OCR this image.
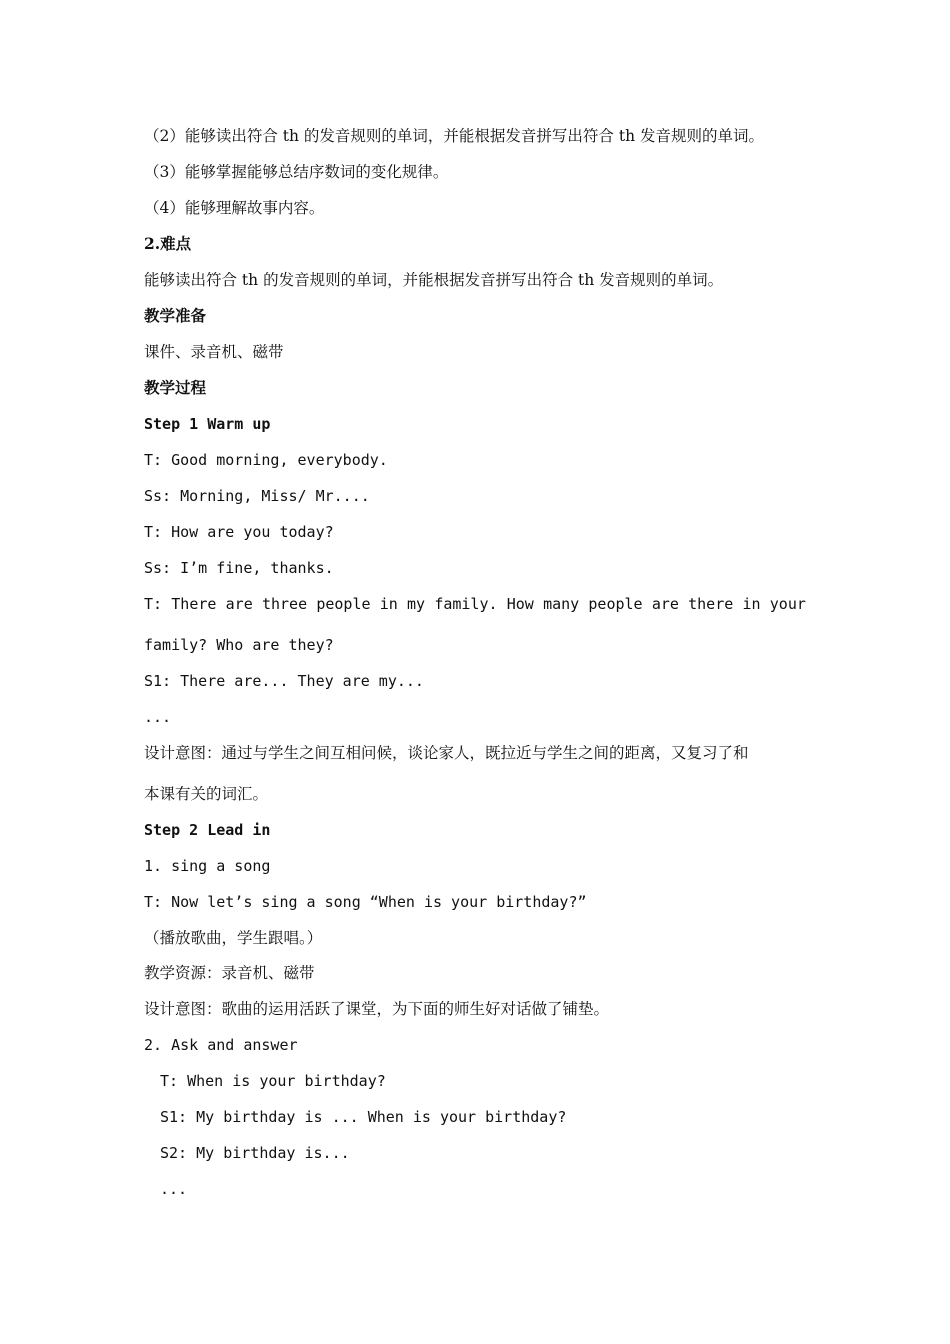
（2）能够读出符合 th 的发音规则的单词，并能根据发音拼写出符合 th 发音规则的单词。
（3）能够掌握能够总结序数词的变化规律。
（4）能够理解故事内容。
2.难点
能够读出符合 th 的发音规则的单词，并能根据发音拼写出符合 th 发音规则的单词。
教学准备
课件、录音机、磁带
教学过程
Step 1 Warm up
T: Good morning, everybody.
Ss: Morning, Miss/ Mr....
T: How are you today?
Ss: I’m fine, thanks.
T: There are three people in my family. How many people are there in your
family? Who are they?
S1: There are... They are my...
...
设计意图：通过与学生之间互相问候，谈论家人，既拉近与学生之间的距离，又复习了和
本课有关的词汇。
Step 2 Lead in
1. sing a song
T: Now let’s sing a song “When is your birthday?”
（播放歌曲，学生跟唱。）
教学资源：录音机、磁带
设计意图：歌曲的运用活跃了课堂，为下面的师生好对话做了铺垫。
2. Ask and answer
T: When is your birthday?
S1: My birthday is ... When is your birthday?
S2: My birthday is...
...
